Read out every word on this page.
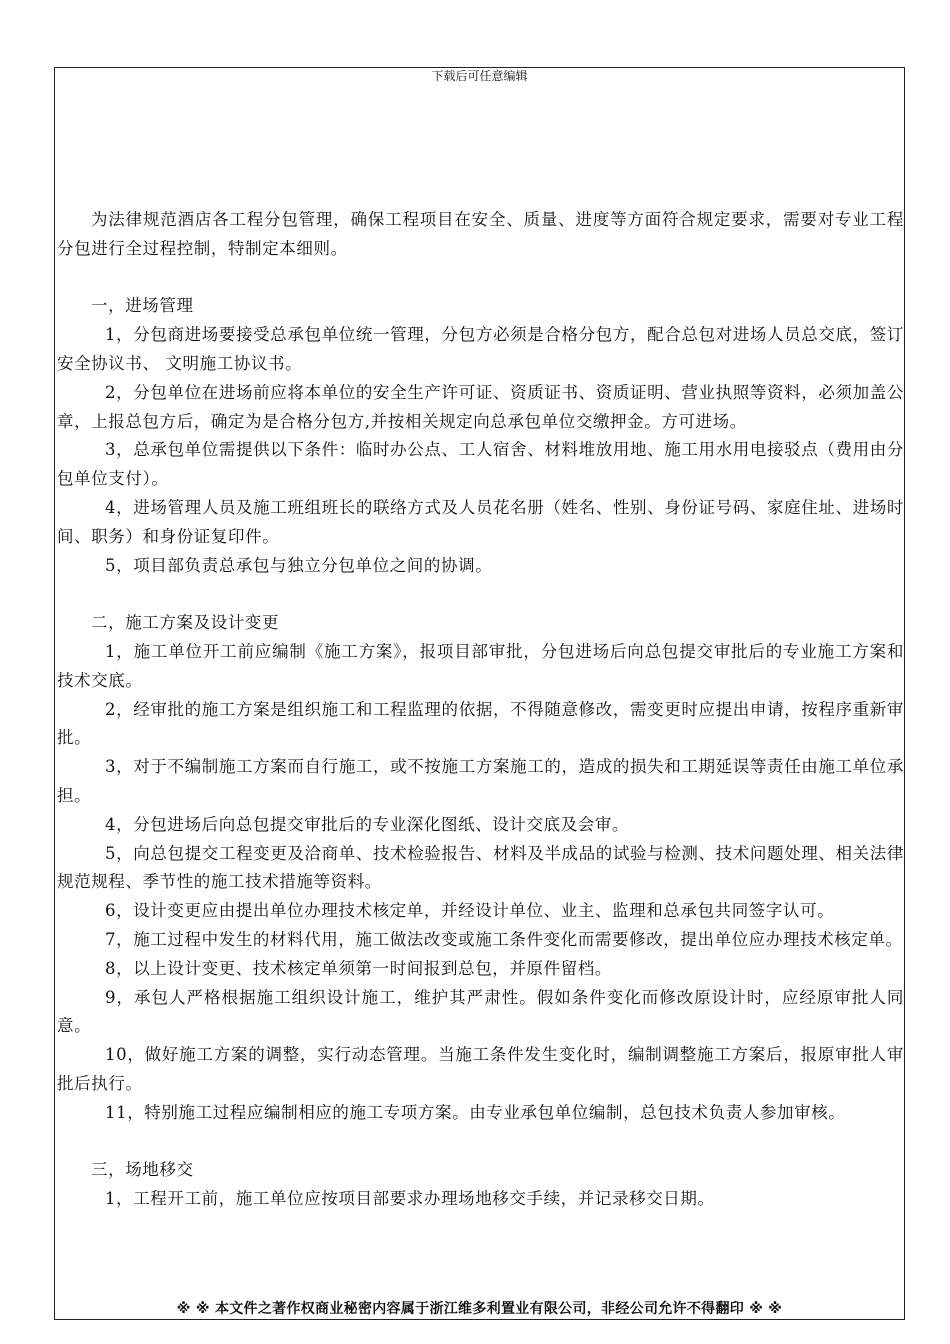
下载后可任意编辑

为法律规范酒店各工程分包管理，确保工程项目在安全、质量、进度等方面符合规定要求，需要对专业工程分包进行全过程控制，特制定本细则。

一，进场管理

1，分包商进场要接受总承包单位统一管理，分包方必须是合格分包方，配合总包对进场人员总交底，签订安全协议书、 文明施工协议书。

2，分包单位在进场前应将本单位的安全生产许可证、资质证书、资质证明、营业执照等资料，必须加盖公章，上报总包方后，确定为是合格分包方,并按相关规定向总承包单位交缴押金。方可进场。

3，总承包单位需提供以下条件：临时办公点、工人宿舍、材料堆放用地、施工用水用电接驳点（费用由分包单位支付）。

4，进场管理人员及施工班组班长的联络方式及人员花名册（姓名、性别、身份证号码、家庭住址、进场时间、职务）和身份证复印件。

5，项目部负责总承包与独立分包单位之间的协调。

二，施工方案及设计变更

1，施工单位开工前应编制《施工方案》，报项目部审批，分包进场后向总包提交审批后的专业施工方案和技术交底。

2，经审批的施工方案是组织施工和工程监理的依据，不得随意修改，需变更时应提出申请，按程序重新审批。

3，对于不编制施工方案而自行施工，或不按施工方案施工的，造成的损失和工期延误等责任由施工单位承担。

4，分包进场后向总包提交审批后的专业深化图纸、设计交底及会审。

5，向总包提交工程变更及洽商单、技术检验报告、材料及半成品的试验与检测、技术问题处理、相关法律规范规程、季节性的施工技术措施等资料。

6，设计变更应由提出单位办理技术核定单，并经设计单位、业主、监理和总承包共同签字认可。

7，施工过程中发生的材料代用，施工做法改变或施工条件变化而需要修改，提出单位应办理技术核定单。

8，以上设计变更、技术核定单须第一时间报到总包，并原件留档。

9，承包人严格根据施工组织设计施工，维护其严肃性。假如条件变化而修改原设计时，应经原审批人同意。

10，做好施工方案的调整，实行动态管理。当施工条件发生变化时，编制调整施工方案后，报原审批人审批后执行。

11，特别施工过程应编制相应的施工专项方案。由专业承包单位编制，总包技术负责人参加审核。

三，场地移交

1，工程开工前，施工单位应按项目部要求办理场地移交手续，并记录移交日期。

※ ※ 本文件之著作权商业秘密内容属于浙江维多利置业有限公司，非经公司允许不得翻印 ※ ※
